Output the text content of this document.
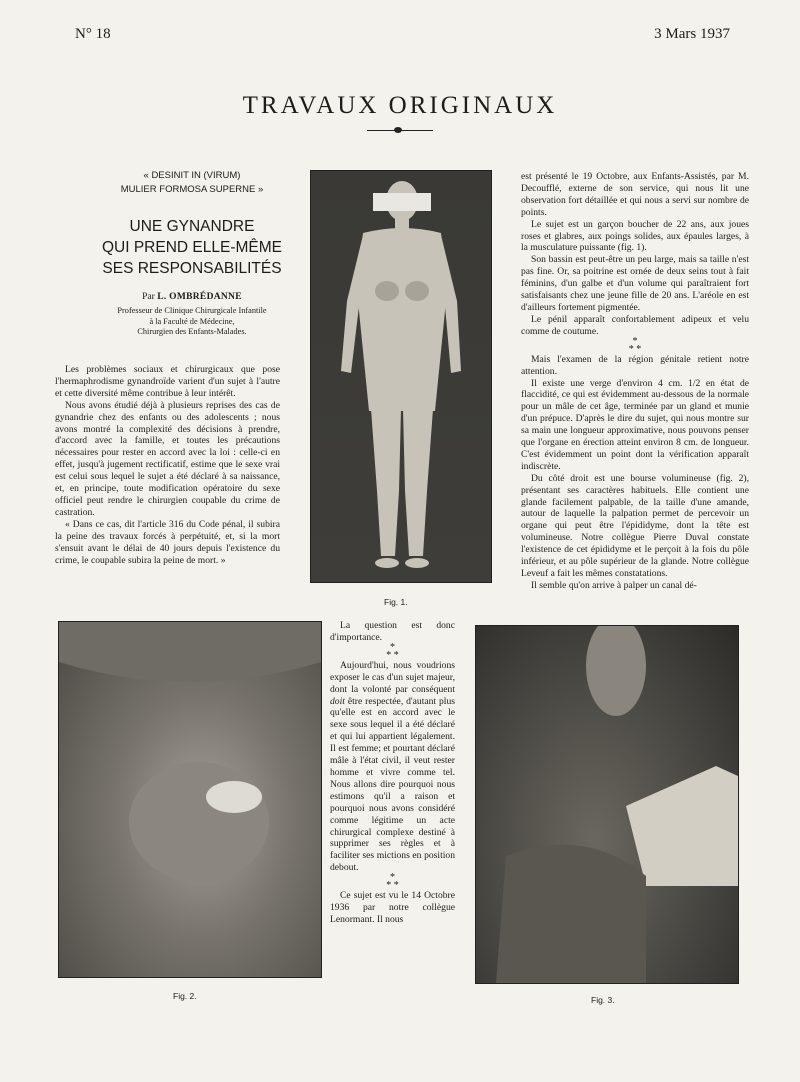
N° 18	3 Mars 1937
TRAVAUX ORIGINAUX
« DESINIT IN (VIRUM)
MULIER FORMOSA SUPERNE »
UNE GYNANDRE
QUI PREND ELLE-MÊME
SES RESPONSABILITÉS
Par L. OMBRÉDANNE
Professeur de Clinique Chirurgicale Infantile
à la Faculté de Médecine,
Chirurgien des Enfants-Malades.

Les problèmes sociaux et chirurgicaux que pose l'hermaphrodisme gynandroïde varient d'un sujet à l'autre et cette diversité même contribue à leur intérêt.

Nous avons étudié déjà à plusieurs reprises des cas de gynandrie chez des enfants ou des adolescents ; nous avons montré la complexité des décisions à prendre, d'accord avec la famille, et toutes les précautions nécessaires pour rester en accord avec la loi : celle-ci en effet, jusqu'à jugement rectificatif, estime que le sexe vrai est celui sous lequel le sujet a été déclaré à sa naissance, et, en principe, toute modification opératoire du sexe officiel peut rendre le chirurgien coupable du crime de castration.

« Dans ce cas, dit l'article 316 du Code pénal, il subira la peine des travaux forcés à perpétuité, et, si la mort s'ensuit avant le délai de 40 jours depuis l'existence du crime, le coupable subira la peine de mort. »

Fig. 1.

est présenté le 19 Octobre, aux Enfants-Assistés, par M. Decoufflé, externe de son service, qui nous lit une observation fort détaillée et qui nous a servi sur nombre de points.

Le sujet est un garçon boucher de 22 ans, aux joues roses et glabres, aux poings solides, aux épaules larges, à la musculature puissante (fig. 1).

Son bassin est peut-être un peu large, mais sa taille n'est pas fine. Or, sa poitrine est ornée de deux seins tout à fait féminins, d'un galbe et d'un volume qui paraîtraient fort satisfaisants chez une jeune fille de 20 ans. L'aréole en est d'ailleurs fortement pigmentée.

Le pénil apparaît confortablement adipeux et velu comme de coutume.

*
* *

Mais l'examen de la région génitale retient notre attention.

Il existe une verge d'environ 4 cm. 1/2 en état de flaccidité, ce qui est évidemment au-dessous de la normale pour un mâle de cet âge, terminée par un gland et munie d'un prépuce. D'après le dire du sujet, qui nous montre sur sa main une longueur approximative, nous pouvons penser que l'organe en érection atteint environ 8 cm. de longueur. C'est évidemment un point dont la vérification apparaît indiscrète.

Du côté droit est une bourse volumineuse (fig. 2), présentant ses caractères habituels. Elle contient une glande facilement palpable, de la taille d'une amande, autour de laquelle la palpation permet de percevoir un organe qui peut être l'épididyme, dont la tête est volumineuse. Notre collègue Pierre Duval constate l'existence de cet épididyme et le perçoit à la fois du pôle inférieur, et au pôle supérieur de la glande. Notre collègue Leveuf a fait les mêmes constatations.

Il semble qu'on arrive à palper un canal dé-

Fig. 2.

La question est donc d'importance.

*
* *

Aujourd'hui, nous voudrions exposer le cas d'un sujet majeur, dont la volonté par conséquent doit être respectée, d'autant plus qu'elle est en accord avec le sexe sous lequel il a été déclaré et qui lui appartient légalement. Il est femme; et pourtant déclaré mâle à l'état civil, il veut rester homme et vivre comme tel. Nous allons dire pourquoi nous estimons qu'il a raison et pourquoi nous avons considéré comme légitime un acte chirurgical complexe destiné à supprimer ses règles et à faciliter ses mictions en position debout.

*
* *

Ce sujet est vu le 14 Octobre 1936 par notre collègue Lenormant. Il nous

Fig. 3.
